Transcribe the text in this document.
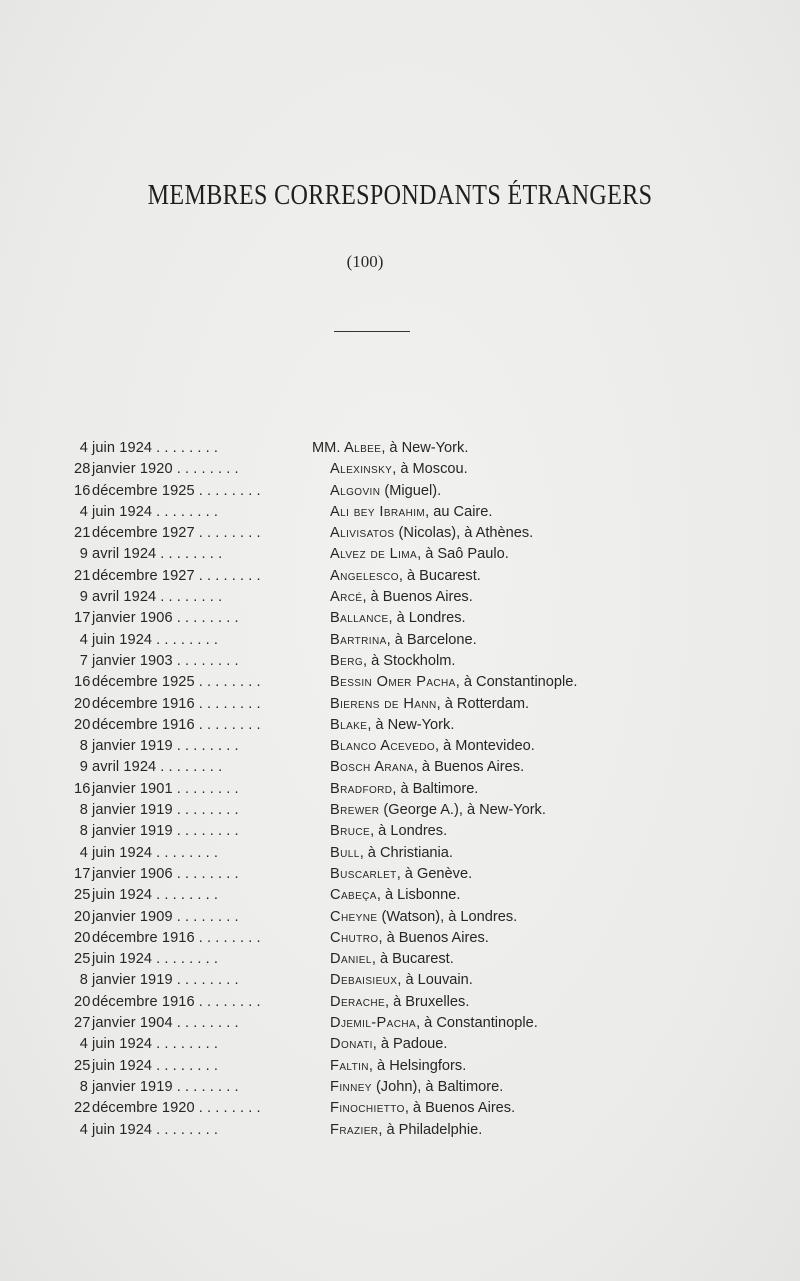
MEMBRES CORRESPONDANTS ÉTRANGERS
(100)
4 juin 1924 ........	MM. Albee, à New-York.
28 janvier 1920 ........	Alexinsky, à Moscou.
16 décembre 1925 ........	Algovin (Miguel).
4 juin 1924 ........	Ali bey Ibrahim, au Caire.
21 décembre 1927 ........	Alivisatos (Nicolas), à Athènes.
9 avril 1924 ........	Alvez de Lima, à Saô Paulo.
21 décembre 1927 ........	Angelesco, à Bucarest.
9 avril 1924 ........	Arcé, à Buenos Aires.
17 janvier 1906 ........	Ballance, à Londres.
4 juin 1924 ........	Bartrina, à Barcelone.
7 janvier 1903 ........	Berg, à Stockholm.
16 décembre 1925 ........	Bessin Omer Pacha, à Constantinople.
20 décembre 1916 ........	Bierens de Hann, à Rotterdam.
20 décembre 1916 ........	Blake, à New-York.
8 janvier 1919 ........	Blanco Acevedo, à Montevideo.
9 avril 1924 ........	Bosch Arana, à Buenos Aires.
16 janvier 1901 ........	Bradford, à Baltimore.
8 janvier 1919 ........	Brewer (George A.), à New-York.
8 janvier 1919 ........	Bruce, à Londres.
4 juin 1924 ........	Bull, à Christiania.
17 janvier 1906 ........	Buscarlet, à Genève.
25 juin 1924 ........	Cabeça, à Lisbonne.
20 janvier 1909 ........	Cheyne (Watson), à Londres.
20 décembre 1916 ........	Chutro, à Buenos Aires.
25 juin 1924 ........	Daniel, à Bucarest.
8 janvier 1919 ........	Debaisieux, à Louvain.
20 décembre 1916 ........	Derache, à Bruxelles.
27 janvier 1904 ........	Djemil-Pacha, à Constantinople.
4 juin 1924 ........	Donati, à Padoue.
25 juin 1924 ........	Faltin, à Helsingfors.
8 janvier 1919 ........	Finney (John), à Baltimore.
22 décembre 1920 ........	Finochietto, à Buenos Aires.
4 juin 1924 ........	Frazier, à Philadelphie.
